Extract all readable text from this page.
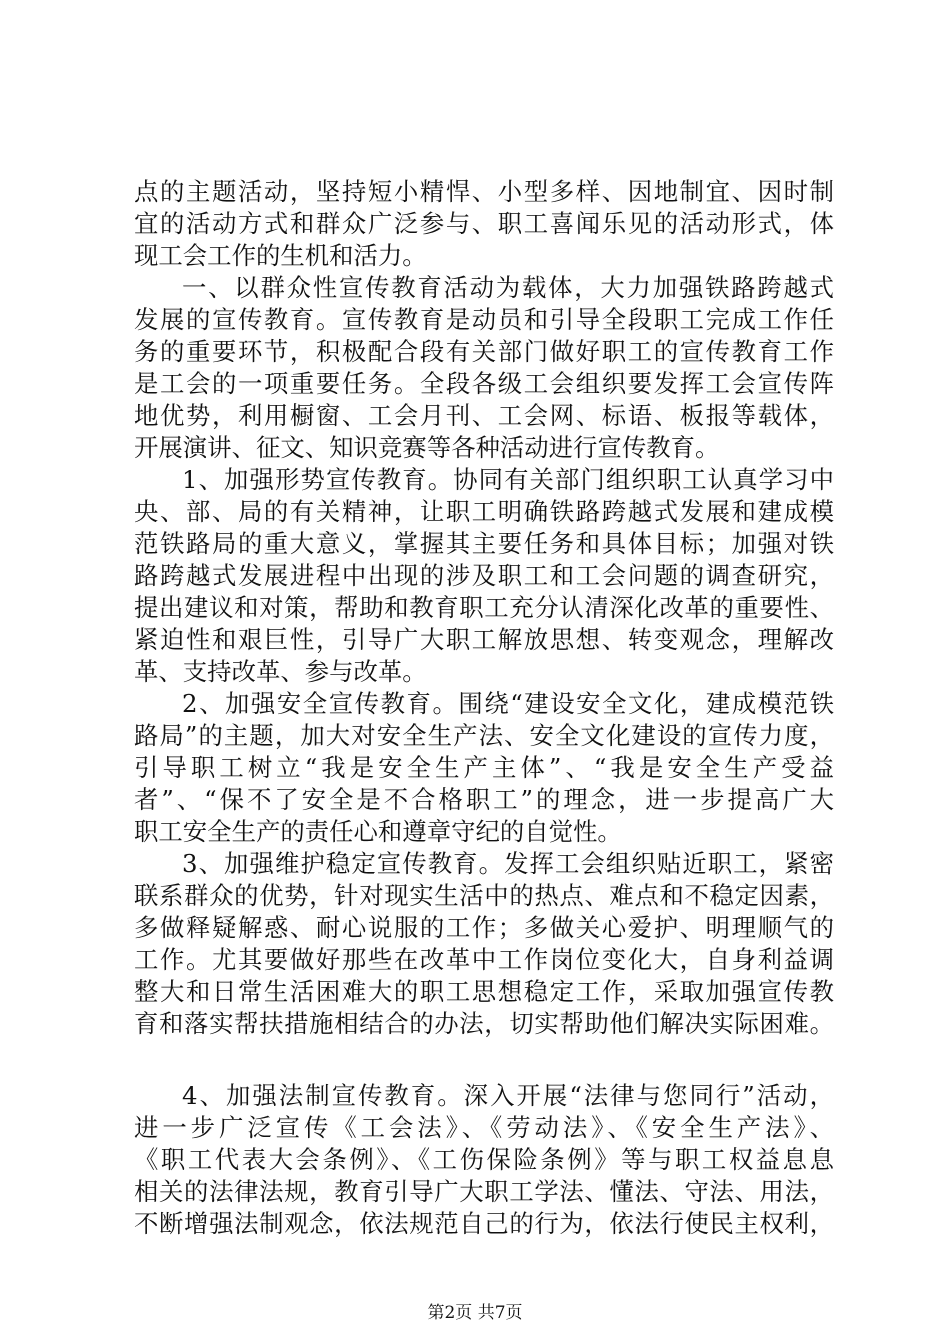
点的主题活动，坚持短小精悍、小型多样、因地制宜、因时制
宜的活动方式和群众广泛参与、职工喜闻乐见的活动形式，体
现工会工作的生机和活力。
一、以群众性宣传教育活动为载体，大力加强铁路跨越式
发展的宣传教育。宣传教育是动员和引导全段职工完成工作任
务的重要环节，积极配合段有关部门做好职工的宣传教育工作
是工会的一项重要任务。全段各级工会组织要发挥工会宣传阵
地优势，利用橱窗、工会月刊、工会网、标语、板报等载体，
开展演讲、征文、知识竞赛等各种活动进行宣传教育。
1、加强形势宣传教育。协同有关部门组织职工认真学习中
央、部、局的有关精神，让职工明确铁路跨越式发展和建成模
范铁路局的重大意义，掌握其主要任务和具体目标；加强对铁
路跨越式发展进程中出现的涉及职工和工会问题的调查研究，
提出建议和对策，帮助和教育职工充分认清深化改革的重要性、
紧迫性和艰巨性，引导广大职工解放思想、转变观念，理解改
革、支持改革、参与改革。
2、加强安全宣传教育。围绕“建设安全文化，建成模范铁
路局”的主题，加大对安全生产法、安全文化建设的宣传力度，
引导职工树立“我是安全生产主体”、“我是安全生产受益
者”、“保不了安全是不合格职工”的理念，进一步提高广大
职工安全生产的责任心和遵章守纪的自觉性。
3、加强维护稳定宣传教育。发挥工会组织贴近职工，紧密
联系群众的优势，针对现实生活中的热点、难点和不稳定因素，
多做释疑解惑、耐心说服的工作；多做关心爱护、明理顺气的
工作。尤其要做好那些在改革中工作岗位变化大，自身利益调
整大和日常生活困难大的职工思想稳定工作，采取加强宣传教
育和落实帮扶措施相结合的办法，切实帮助他们解决实际困难。
4、加强法制宣传教育。深入开展“法律与您同行”活动，
进一步广泛宣传《工会法》、《劳动法》、《安全生产法》、
《职工代表大会条例》、《工伤保险条例》等与职工权益息息
相关的法律法规，教育引导广大职工学法、懂法、守法、用法，
不断增强法制观念，依法规范自己的行为，依法行使民主权利，
第2页 共7页
